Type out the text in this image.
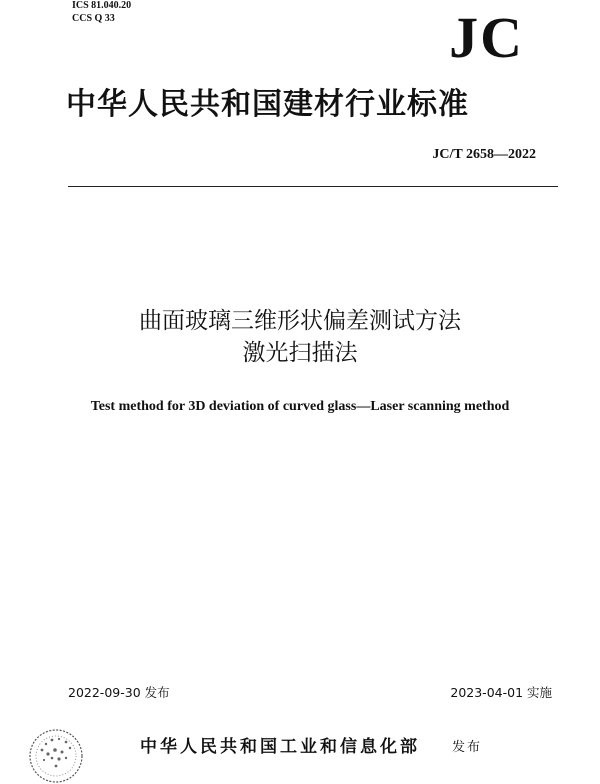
ICS 81.040.20
CCS Q 33	JC
中华人民共和国建材行业标准
JC/T 2658—2022
曲面玻璃三维形状偏差测试方法
激光扫描法
Test method for 3D deviation of curved glass—Laser scanning method
2022-09-30 发布	2023-04-01 实施
中华人民共和国工业和信息化部 发布
